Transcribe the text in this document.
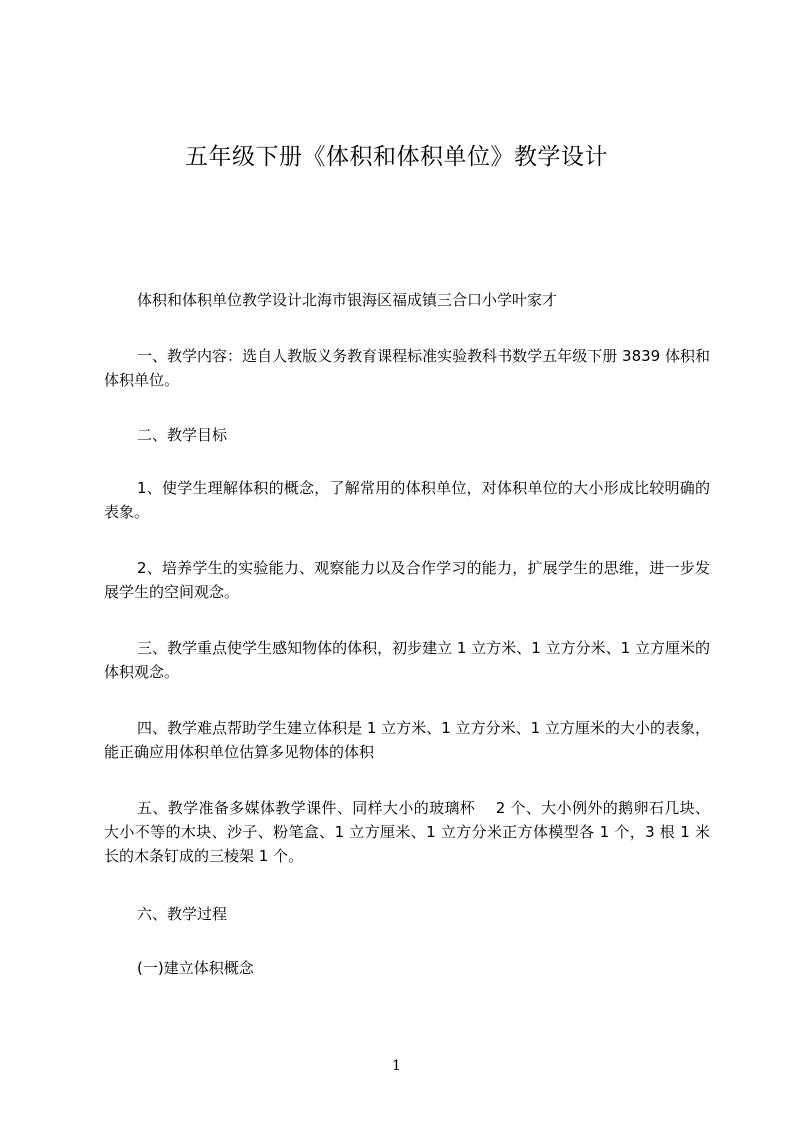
五年级下册《体积和体积单位》教学设计

体积和体积单位教学设计北海市银海区福成镇三合口小学叶家才

一、教学内容：选自人教版义务教育课程标准实验教科书数学五年级下册 3839 体积和体积单位。

二、教学目标

1、使学生理解体积的概念，了解常用的体积单位，对体积单位的大小形成比较明确的表象。

2、培养学生的实验能力、观察能力以及合作学习的能力，扩展学生的思维，进一步发展学生的空间观念。

三、教学重点使学生感知物体的体积，初步建立 1 立方米、1 立方分米、1 立方厘米的体积观念。

四、教学难点帮助学生建立体积是 1 立方米、1 立方分米、1 立方厘米的大小的表象，能正确应用体积单位估算多见物体的体积

五、教学准备多媒体教学课件、同样大小的玻璃杯　 2 个、大小例外的鹅卵石几块、大小不等的木块、沙子、粉笔盒、1 立方厘米、1 立方分米正方体模型各 1 个，3 根 1 米长的木条钉成的三棱架 1 个。

六、教学过程

(一)建立体积概念

1
